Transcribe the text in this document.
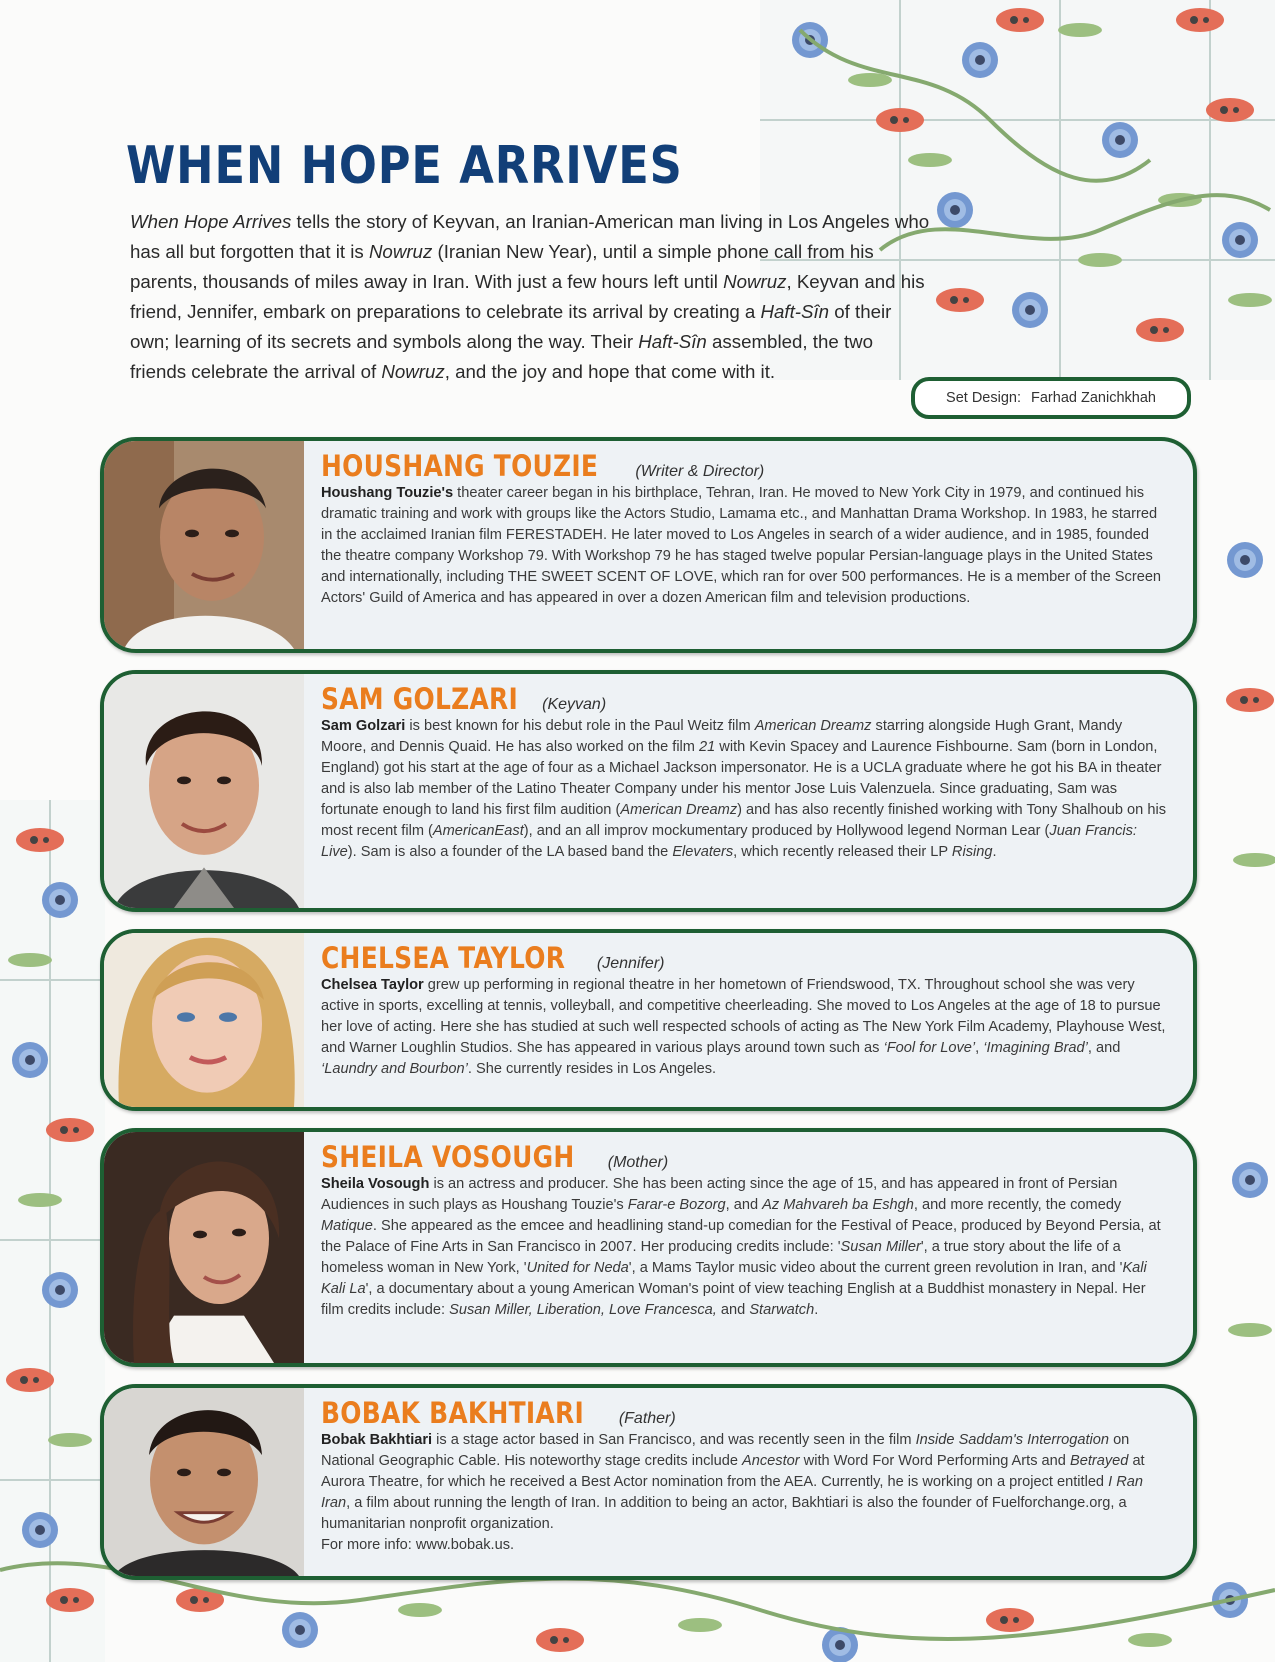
WHEN HOPE ARRIVES
When Hope Arrives tells the story of Keyvan, an Iranian-American man living in Los Angeles who has all but forgotten that it is Nowruz (Iranian New Year), until a simple phone call from his parents, thousands of miles away in Iran. With just a few hours left until Nowruz, Keyvan and his friend, Jennifer, embark on preparations to celebrate its arrival by creating a Haft-Sîn of their own; learning of its secrets and symbols along the way. Their Haft-Sîn assembled, the two friends celebrate the arrival of Nowruz, and the joy and hope that come with it.
Set Design: Farhad Zanichkhah
HOUSHANG TOUZIE (Writer & Director)
Houshang Touzie's theater career began in his birthplace, Tehran, Iran. He moved to New York City in 1979, and continued his dramatic training and work with groups like the Actors Studio, Lamama etc., and Manhattan Drama Workshop. In 1983, he starred in the acclaimed Iranian film FERESTADEH. He later moved to Los Angeles in search of a wider audience, and in 1985, founded the theatre company Workshop 79. With Workshop 79 he has staged twelve popular Persian-language plays in the United States and internationally, including THE SWEET SCENT OF LOVE, which ran for over 500 performances. He is a member of the Screen Actors' Guild of America and has appeared in over a dozen American film and television productions.
SAM GOLZARI (Keyvan)
Sam Golzari is best known for his debut role in the Paul Weitz film American Dreamz starring alongside Hugh Grant, Mandy Moore, and Dennis Quaid. He has also worked on the film 21 with Kevin Spacey and Laurence Fishbourne. Sam (born in London, England) got his start at the age of four as a Michael Jackson impersonator. He is a UCLA graduate where he got his BA in theater and is also lab member of the Latino Theater Company under his mentor Jose Luis Valenzuela. Since graduating, Sam was fortunate enough to land his first film audition (American Dreamz) and has also recently finished working with Tony Shalhoub on his most recent film (AmericanEast), and an all improv mockumentary produced by Hollywood legend Norman Lear (Juan Francis: Live). Sam is also a founder of the LA based band the Elevaters, which recently released their LP Rising.
CHELSEA TAYLOR (Jennifer)
Chelsea Taylor grew up performing in regional theatre in her hometown of Friendswood, TX. Throughout school she was very active in sports, excelling at tennis, volleyball, and competitive cheerleading. She moved to Los Angeles at the age of 18 to pursue her love of acting. Here she has studied at such well respected schools of acting as The New York Film Academy, Playhouse West, and Warner Loughlin Studios. She has appeared in various plays around town such as ‘Fool for Love’, ‘Imagining Brad’, and ‘Laundry and Bourbon’. She currently resides in Los Angeles.
SHEILA VOSOUGH (Mother)
Sheila Vosough is an actress and producer. She has been acting since the age of 15, and has appeared in front of Persian Audiences in such plays as Houshang Touzie's Farar-e Bozorg, and Az Mahvareh ba Eshgh, and more recently, the comedy Matique. She appeared as the emcee and headlining stand-up comedian for the Festival of Peace, produced by Beyond Persia, at the Palace of Fine Arts in San Francisco in 2007. Her producing credits include: 'Susan Miller', a true story about the life of a homeless woman in New York, 'United for Neda', a Mams Taylor music video about the current green revolution in Iran, and 'Kali Kali La', a documentary about a young American Woman's point of view teaching English at a Buddhist monastery in Nepal. Her film credits include: Susan Miller, Liberation, Love Francesca, and Starwatch.
BOBAK BAKHTIARI (Father)
Bobak Bakhtiari is a stage actor based in San Francisco, and was recently seen in the film Inside Saddam's Interrogation on National Geographic Cable. His noteworthy stage credits include Ancestor with Word For Word Performing Arts and Betrayed at Aurora Theatre, for which he received a Best Actor nomination from the AEA. Currently, he is working on a project entitled I Ran Iran, a film about running the length of Iran. In addition to being an actor, Bakhtiari is also the founder of Fuelforchange.org, a humanitarian nonprofit organization.
For more info: www.bobak.us.
